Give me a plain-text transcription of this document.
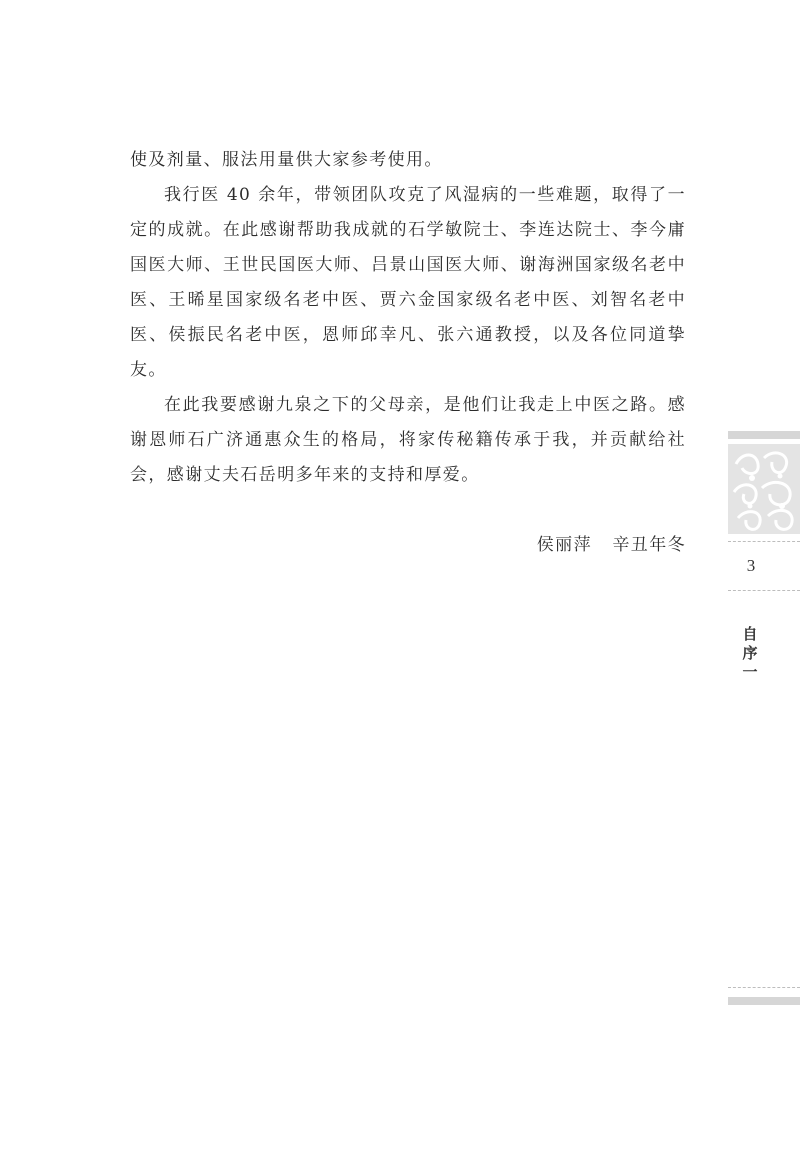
使及剂量、服法用量供大家参考使用。

我行医 40 余年，带领团队攻克了风湿病的一些难题，取得了一定的成就。在此感谢帮助我成就的石学敏院士、李连达院士、李今庸国医大师、王世民国医大师、吕景山国医大师、谢海洲国家级名老中医、王晞星国家级名老中医、贾六金国家级名老中医、刘智名老中医、侯振民名老中医，恩师邱幸凡、张六通教授，以及各位同道挚友。

在此我要感谢九泉之下的父母亲，是他们让我走上中医之路。感谢恩师石广济通惠众生的格局，将家传秘籍传承于我，并贡献给社会，感谢丈夫石岳明多年来的支持和厚爱。

侯丽萍 辛丑年冬
3
自
序
一
